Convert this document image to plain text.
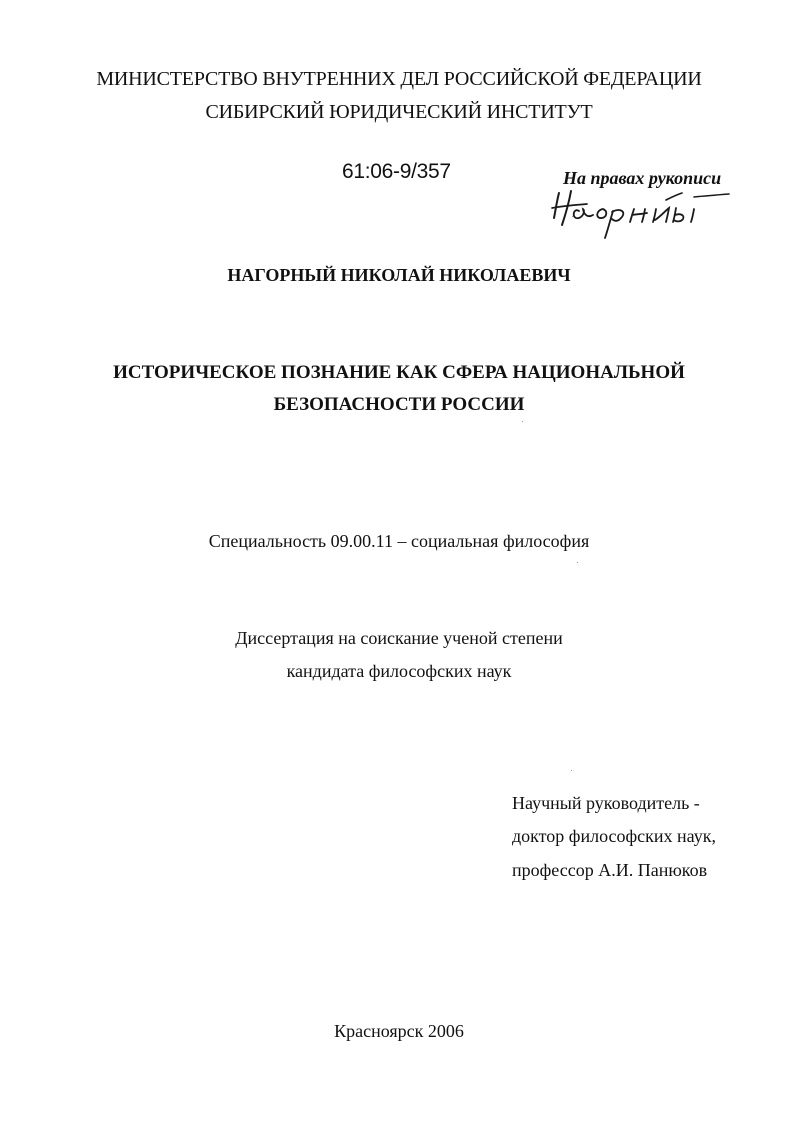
МИНИСТЕРСТВО ВНУТРЕННИХ ДЕЛ РОССИЙСКОЙ ФЕДЕРАЦИИ
СИБИРСКИЙ ЮРИДИЧЕСКИЙ ИНСТИТУТ
61:06-9/357	На правах рукописи
НАГОРНЫЙ НИКОЛАЙ НИКОЛАЕВИЧ
ИСТОРИЧЕСКОЕ ПОЗНАНИЕ КАК СФЕРА НАЦИОНАЛЬНОЙ
БЕЗОПАСНОСТИ РОССИИ
Специальность 09.00.11 – социальная философия
Диссертация на соискание ученой степени
кандидата философских наук
Научный руководитель -
доктор философских наук,
профессор А.И. Панюков
Красноярск 2006
